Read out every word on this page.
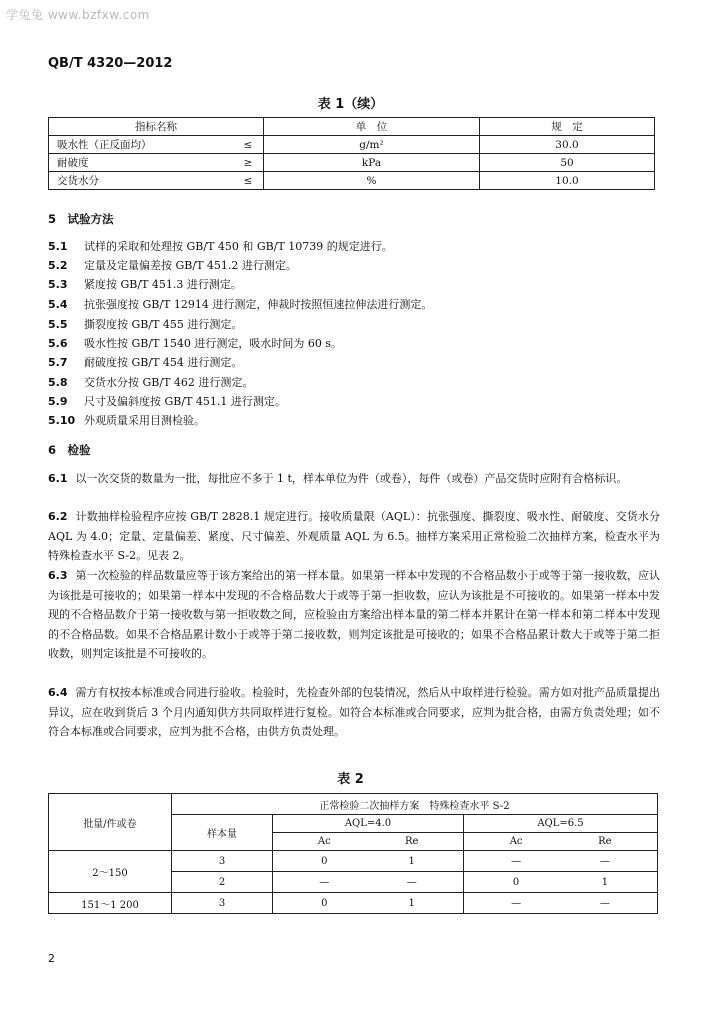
学兔兔 www.bzfxw.com
QB/T 4320—2012
表 1（续）
指标名称		单　位	规　定
吸水性（正反面均）	≤	g/m²	30.0
耐破度	≥	kPa	50
交货水分	≤	%	10.0
5　试验方法
5.1 试样的采取和处理按 GB/T 450 和 GB/T 10739 的规定进行。
5.2 定量及定量偏差按 GB/T 451.2 进行测定。
5.3 紧度按 GB/T 451.3 进行测定。
5.4 抗张强度按 GB/T 12914 进行测定，伸裁时按照恒速拉伸法进行测定。
5.5 撕裂度按 GB/T 455 进行测定。
5.6 吸水性按 GB/T 1540 进行测定，吸水时间为 60 s。
5.7 耐破度按 GB/T 454 进行测定。
5.8 交货水分按 GB/T 462 进行测定。
5.9 尺寸及偏斜度按 GB/T 451.1 进行测定。
5.10 外观质量采用目测检验。
6　检验
6.1 以一次交货的数量为一批，每批应不多于 1 t，样本单位为件（或卷），每件（或卷）产品交货时应附有合格标识。
6.2 计数抽样检验程序应按 GB/T 2828.1 规定进行。接收质量限（AQL）：抗张强度、撕裂度、吸水性、耐破度、交货水分 AQL 为 4.0；定量、定量偏差、紧度、尺寸偏差、外观质量 AQL 为 6.5。抽样方案采用正常检验二次抽样方案，检查水平为特殊检查水平 S-2。见表 2。
6.3 第一次检验的样品数量应等于该方案给出的第一样本量。如果第一样本中发现的不合格品数小于或等于第一接收数，应认为该批是可接收的；如果第一样本中发现的不合格品数大于或等于第一拒收数，应认为该批是不可接收的。如果第一样本中发现的不合格品数介于第一接收数与第一拒收数之间，应检验由方案给出样本量的第二样本并累计在第一样本和第二样本中发现的不合格品数。如果不合格品累计数小于或等于第二接收数，则判定该批是可接收的；如果不合格品累计数大于或等于第二拒收数，则判定该批是不可接收的。
6.4 需方有权按本标准或合同进行验收。检验时，先检查外部的包装情况，然后从中取样进行检验。需方如对批产品质量提出异议，应在收到货后 3 个月内通知供方共同取样进行复检。如符合本标准或合同要求，应判为批合格，由需方负责处理；如不符合本标准或合同要求，应判为批不合格，由供方负责处理。
表 2
批量/件或卷	正常检验二次抽样方案　特殊检查水平 S-2		
	样本量	AQL=4.0	AQL=6.5
		Ac Re	Ac Re
2～150	3	0 1	— —
	2	— —	0 1
151～1 200	3	0 1	— —
2
